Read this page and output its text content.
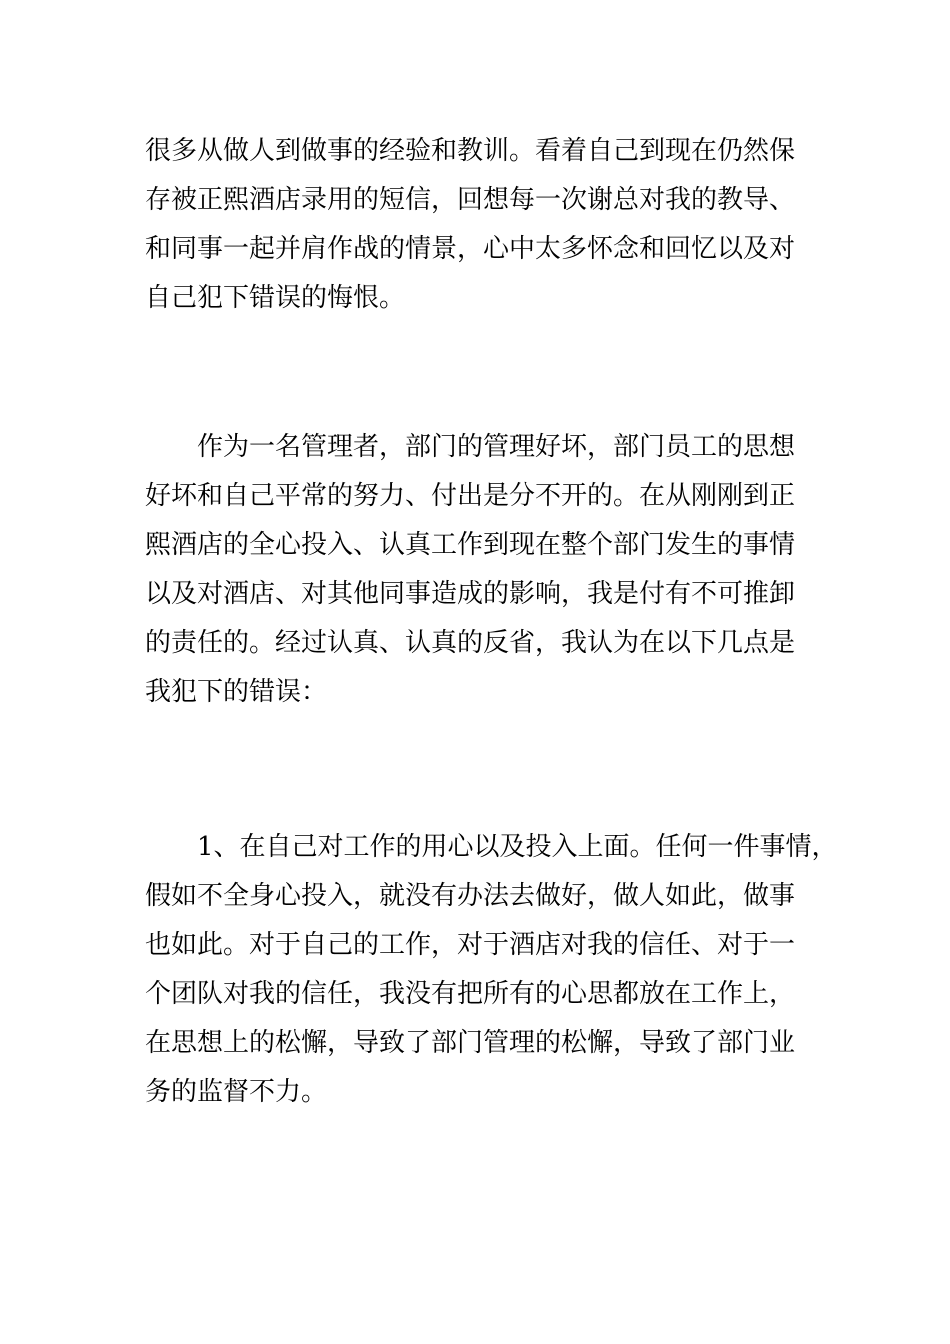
很多从做人到做事的经验和教训。看着自己到现在仍然保
存被正熙酒店录用的短信，回想每一次谢总对我的教导、
和同事一起并肩作战的情景，心中太多怀念和回忆以及对
自己犯下错误的悔恨。
作为一名管理者，部门的管理好坏，部门员工的思想
好坏和自己平常的努力、付出是分不开的。在从刚刚到正
熙酒店的全心投入、认真工作到现在整个部门发生的事情
以及对酒店、对其他同事造成的影响，我是付有不可推卸
的责任的。经过认真、认真的反省，我认为在以下几点是
我犯下的错误：
1、在自己对工作的用心以及投入上面。任何一件事情，
假如不全身心投入，就没有办法去做好，做人如此，做事
也如此。对于自己的工作，对于酒店对我的信任、对于一
个团队对我的信任，我没有把所有的心思都放在工作上，
在思想上的松懈，导致了部门管理的松懈，导致了部门业
务的监督不力。
